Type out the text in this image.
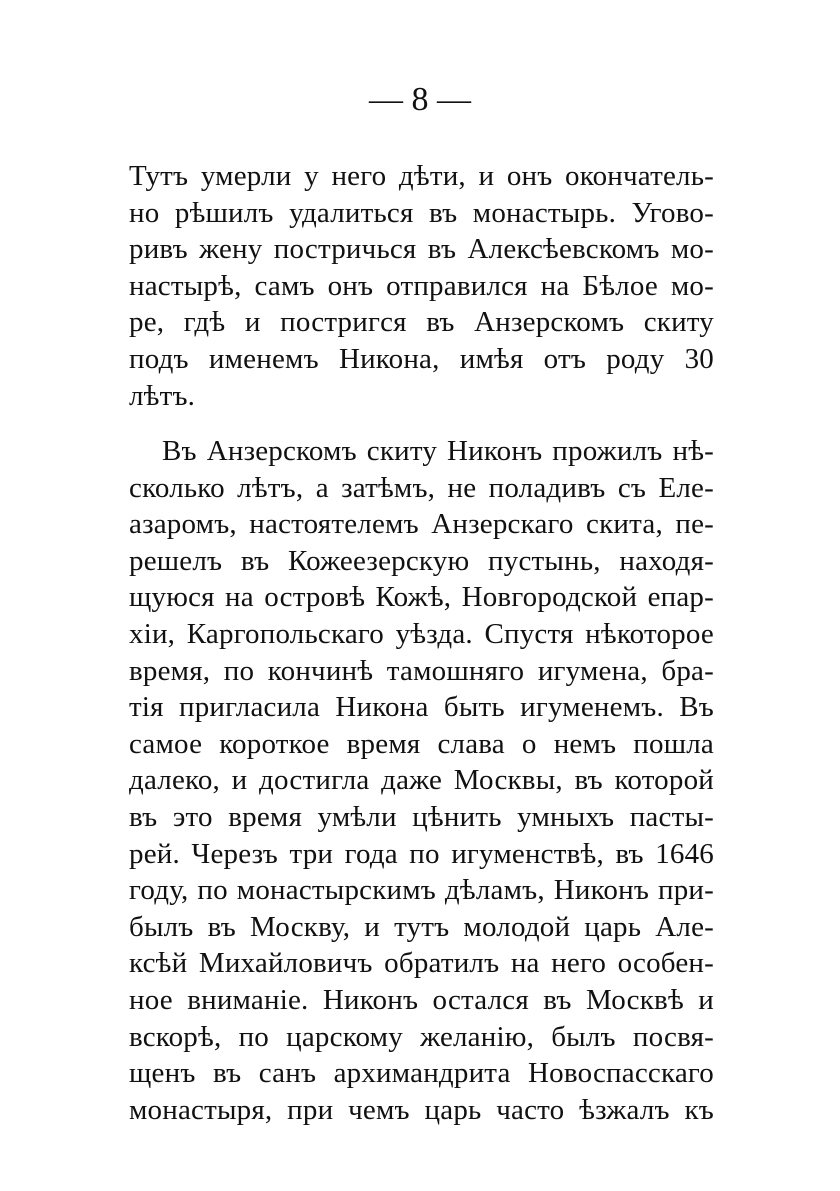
— 8 —
Тутъ умерли у него дѣти, и онъ окончатель-
но рѣшилъ удалиться въ монастырь. Угово-
ривъ жену постричься въ Алексѣевскомъ мо-
настырѣ, самъ онъ отправился на Бѣлое мо-
ре, гдѣ и постригся въ Анзерскомъ скиту
подъ именемъ Никона, имѣя отъ роду 30
лѣтъ.
Въ Анзерскомъ скиту Никонъ прожилъ нѣ-
сколько лѣтъ, а затѣмъ, не поладивъ съ Еле-
азаромъ, настоятелемъ Анзерскаго скита, пе-
решелъ въ Кожеезерскую пустынь, находя-
щуюся на островѣ Кожѣ, Новгородской епар-
хіи, Каргопольскаго уѣзда. Спустя нѣкоторое
время, по кончинѣ тамошняго игумена, бра-
тія пригласила Никона быть игуменемъ. Въ
самое короткое время слава о немъ пошла
далеко, и достигла даже Москвы, въ которой
въ это время умѣли цѣнить умныхъ пасты-
рей. Черезъ три года по игуменствѣ, въ 1646
году, по монастырскимъ дѣламъ, Никонъ при-
былъ въ Москву, и тутъ молодой царь Але-
ксѣй Михайловичъ обратилъ на него особен-
ное вниманіе. Никонъ остался въ Москвѣ и
вскорѣ, по царскому желанію, былъ посвя-
щенъ въ санъ архимандрита Новоспасскаго
монастыря, при чемъ царь часто ѣзжалъ къ
